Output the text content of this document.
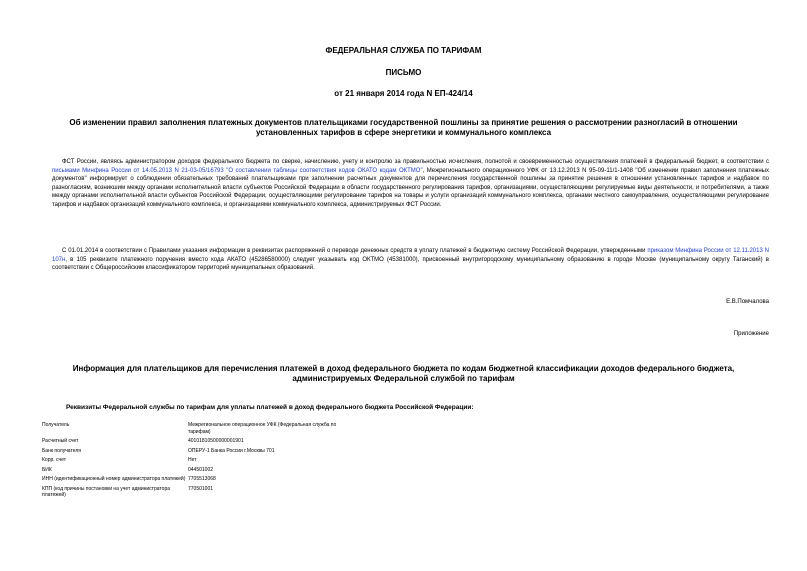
ФЕДЕРАЛЬНАЯ СЛУЖБА ПО ТАРИФАМ
ПИСЬМО
от 21 января 2014 года N ЕП-424/14
Об изменении правил заполнения платежных документов плательщиками государственной пошлины за принятие решения о рассмотрении разногласий в отношении установленных тарифов в сфере энергетики и коммунального комплекса
ФСТ России, являясь администратором доходов федерального бюджета по сверке, начислению, учету и контролю за правильностью исчисления, полнотой и своевременностью осуществления платежей в федеральный бюджет, в соответствии с письмами Минфина России от 14.05.2013 N 21-03-05/16793 "О составлении таблицы соответствия кодов ОКАТО кодам ОКТМО", Межрегионального операционного УФК от 13.12.2013 N 95-09-11/1-1408 "Об изменении правил заполнения платежных документов" информирует о соблюдении обязательных требований плательщиками при заполнении расчетных документов для перечисления государственной пошлины за принятие решения в отношении установленных тарифов и надбавок по разногласиям, возникшим между органами исполнительной власти субъектов Российской Федерации в области государственного регулирования тарифов, организациями, осуществляющими регулируемые виды деятельности, и потребителями, а также между органами исполнительной власти субъектов Российской Федерации, осуществляющими регулирование тарифов на товары и услуги организаций коммунального комплекса, органами местного самоуправления, осуществляющими регулирование тарифов и надбавок организаций коммунального комплекса, и организациями коммунального комплекса, администрируемых ФСТ России.
С 01.01.2014 в соответствии с Правилами указания информации в реквизитах распоряжений о переводе денежных средств в уплату платежей в бюджетную систему Российской Федерации, утвержденными приказом Минфина России от 12.11.2013 N 107н, в 105 реквизите платежного поручения вместо кода АКАТО (45286580000) следует указывать код ОКТМО (45381000), присвоенный внутригородскому муниципальному образованию в городе Москве (муниципальному округу Таганский) в соответствии с Общероссийским классификатором территорий муниципальных образований.
Е.В.Помчалова
Приложение
Информация для плательщиков для перечисления платежей в доход федерального бюджета по кодам бюджетной классификации доходов федерального бюджета, администрируемых Федеральной службой по тарифам
Реквизиты Федеральной службы по тарифам для уплаты платежей в доход федерального бюджета Российской Федерации:
Получатель	Межрегиональное операционное УФК (Федеральная служба по тарифам)
Расчетный счет	40101810500000001901
Банк получателя	ОПЕРУ-1 Банка России г.Москвы 701
Корр. счет	Нет
БИК	044501002
ИНН (идентификационный номер администратора платежей)	7705513068
КПП (код причины постановки на учет администратора платежей)	770501001
